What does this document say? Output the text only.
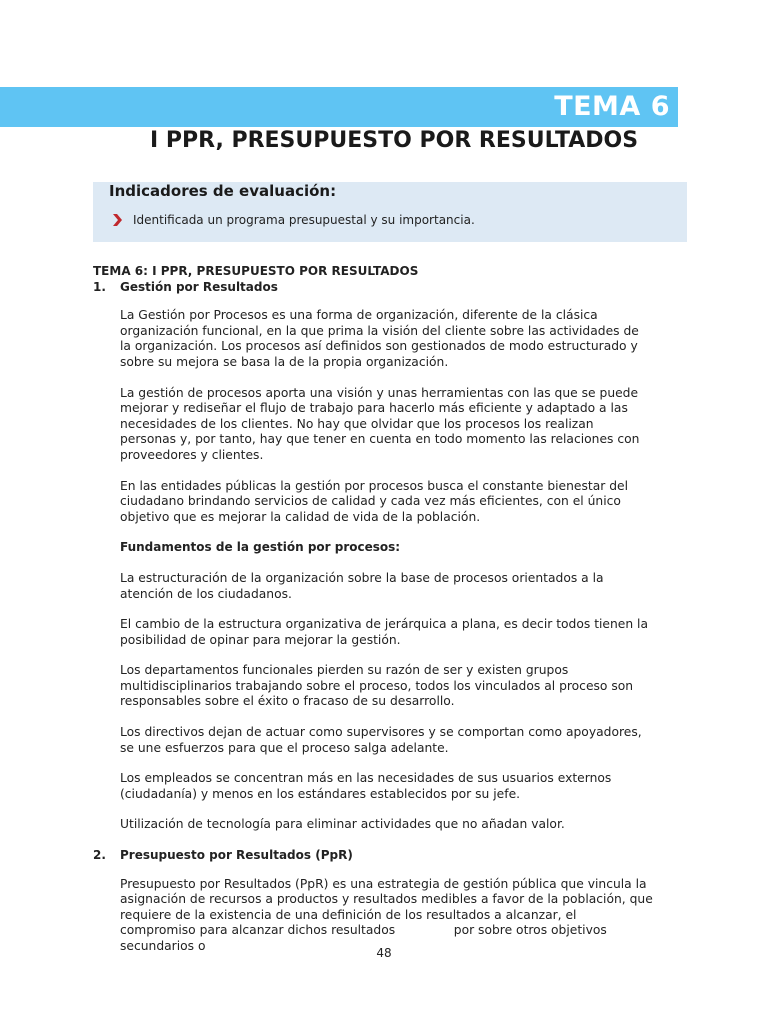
TEMA 6
I PPR, PRESUPUESTO POR RESULTADOS
Indicadores de evaluación:
Identificada un programa presupuestal y su importancia.

TEMA 6: I PPR, PRESUPUESTO POR RESULTADOS

1. Gestión por Resultados

La Gestión por Procesos es una forma de organización, diferente de la clásica organización funcional, en la que prima la visión del cliente sobre las actividades de la organización. Los procesos así definidos son gestionados de modo estructurado y sobre su mejora se basa la de la propia organización.

La gestión de procesos aporta una visión y unas herramientas con las que se puede mejorar y rediseñar el flujo de trabajo para hacerlo más eficiente y adaptado a las necesidades de los clientes. No hay que olvidar que los procesos los realizan personas y, por tanto, hay que tener en cuenta en todo momento las relaciones con proveedores y clientes.

En las entidades públicas la gestión por procesos busca el constante bienestar del ciudadano brindando servicios de calidad y cada vez más eficientes, con el único objetivo que es mejorar la calidad de vida de la población.

Fundamentos de la gestión por procesos:

La estructuración de la organización sobre la base de procesos orientados a la atención de los ciudadanos.

El cambio de la estructura organizativa de jerárquica a plana, es decir todos tienen la posibilidad de opinar para mejorar la gestión.

Los departamentos funcionales pierden su razón de ser y existen grupos multidisciplinarios trabajando sobre el proceso, todos los vinculados al proceso son responsables sobre el éxito o fracaso de su desarrollo.

Los directivos dejan de actuar como supervisores y se comportan como apoyadores, se une esfuerzos para que el proceso salga adelante.

Los empleados se concentran más en las necesidades de sus usuarios externos (ciudadanía) y menos en los estándares establecidos por su jefe.

Utilización de tecnología para eliminar actividades que no añadan valor.

2. Presupuesto por Resultados (PpR)

Presupuesto por Resultados (PpR) es una estrategia de gestión pública que vincula la asignación de recursos a productos y resultados medibles a favor de la población, que requiere de la existencia de una definición de los resultados a alcanzar, el compromiso para alcanzar dichos resultados               por sobre otros objetivos secundarios o	48
